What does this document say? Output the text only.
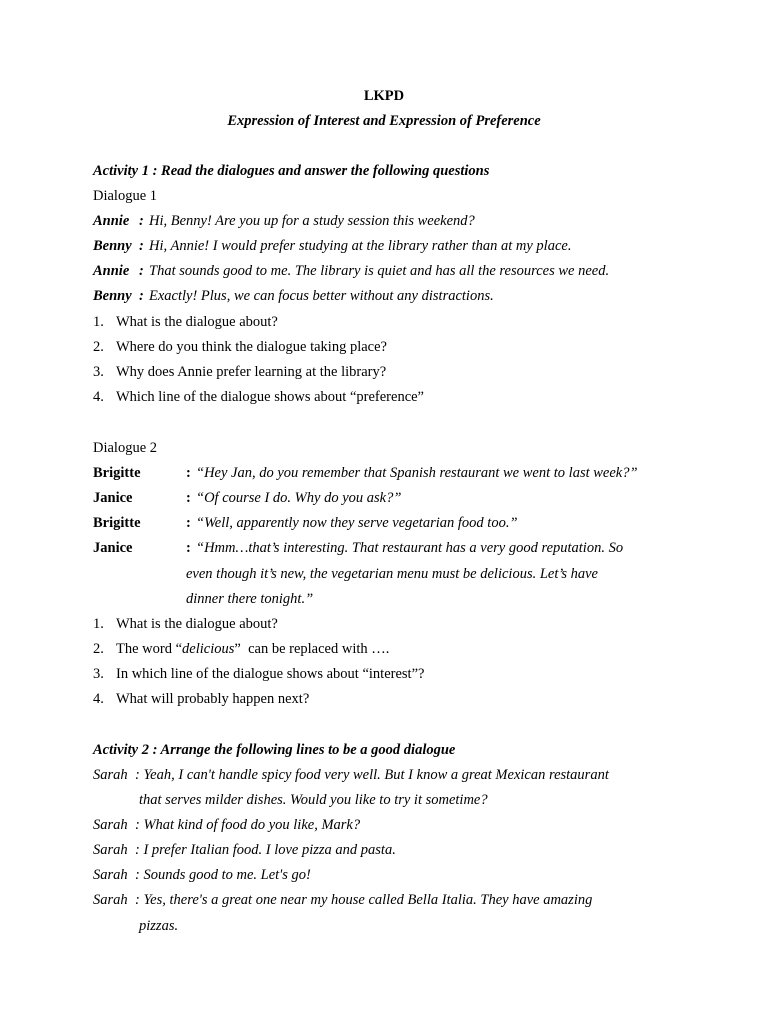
LKPD
Expression of Interest and Expression of Preference
Activity 1 : Read the dialogues and answer the following questions
Dialogue 1
Annie : Hi, Benny! Are you up for a study session this weekend?
Benny : Hi, Annie! I would prefer studying at the library rather than at my place.
Annie : That sounds good to me. The library is quiet and has all the resources we need.
Benny : Exactly! Plus, we can focus better without any distractions.
1. What is the dialogue about?
2. Where do you think the dialogue taking place?
3. Why does Annie prefer learning at the library?
4. Which line of the dialogue shows about “preference”
Dialogue 2
Brigitte	: “Hey Jan, do you remember that Spanish restaurant we went to last week?”
Janice	: “Of course I do. Why do you ask?”
Brigitte	: “Well, apparently now they serve vegetarian food too.”
Janice	: “Hmm…that’s interesting. That restaurant has a very good reputation. So
even though it’s new, the vegetarian menu must be delicious. Let’s have
dinner there tonight.”
1. What is the dialogue about?
2. The word “delicious”  can be replaced with ….
3. In which line of the dialogue shows about “interest”?
4. What will probably happen next?
Activity 2 : Arrange the following lines to be a good dialogue
Sarah : Yeah, I can't handle spicy food very well. But I know a great Mexican restaurant
that serves milder dishes. Would you like to try it sometime?
Sarah : What kind of food do you like, Mark?
Sarah : I prefer Italian food. I love pizza and pasta.
Sarah : Sounds good to me. Let's go!
Sarah : Yes, there's a great one near my house called Bella Italia. They have amazing
pizzas.
